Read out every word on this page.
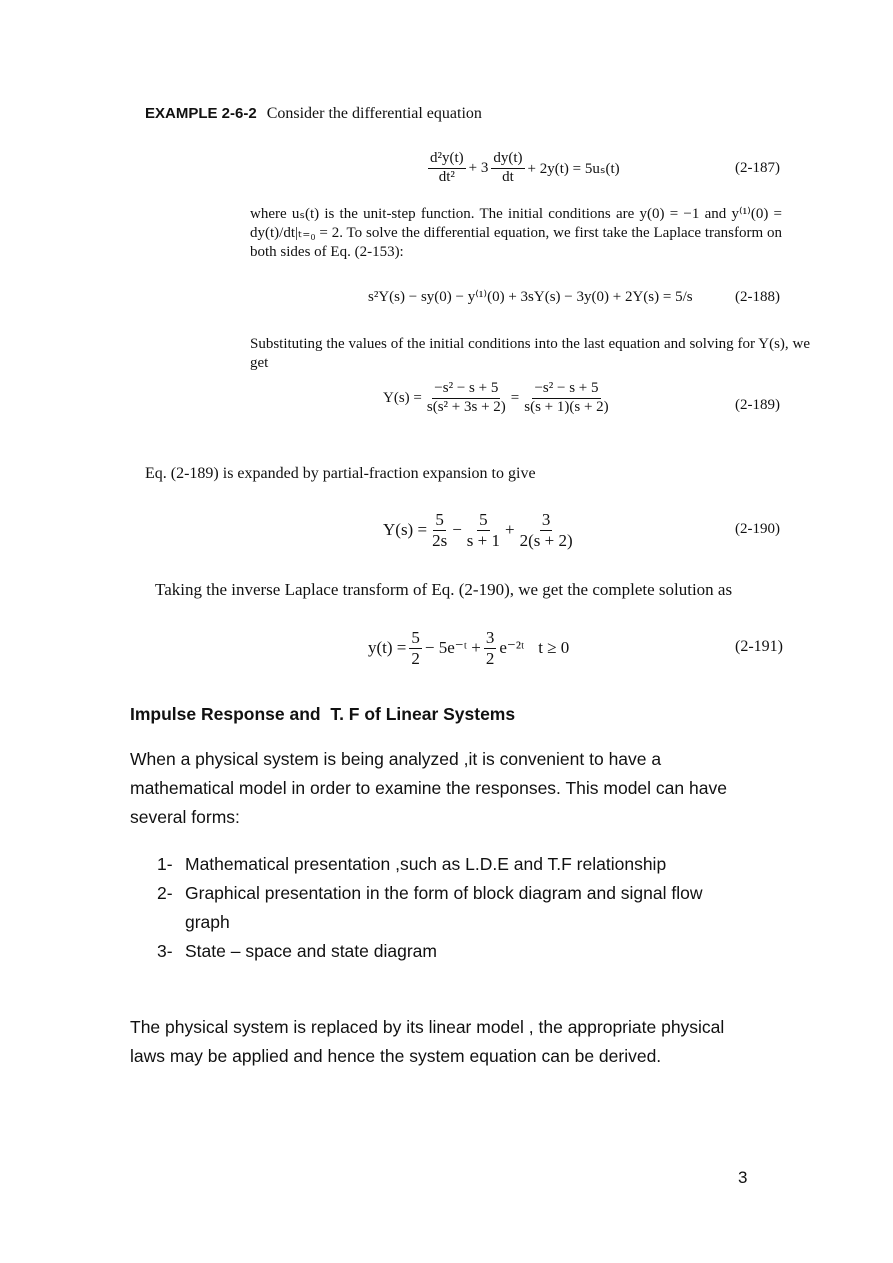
EXAMPLE 2-6-2 Consider the differential equation
$\frac{\text{d²y(t)}}{\text{dt²}} + 3 \frac{dy(t)}{dt} + 2y(t) = 5u_s(t)$	(2-187)
where uₛ(t) is the unit-step function. The initial conditions are y(0) = −1 and y⁽¹⁾(0) = dy(t)/dt|ₜ₌₀ = 2. To solve the differential equation, we first take the Laplace transform on both sides of Eq. (2-153):
s²Y(s) − sy(0) − y⁽¹⁾(0) + 3sY(s) − 3y(0) + 2Y(s) = 5/s	(2-188)
Substituting the values of the initial conditions into the last equation and solving for Y(s), we get
$Y(s) = \frac{\text{−s² − s + 5}}{\text{s(s² + 3s + 2)}} = \frac{\text{−s² − s + 5}}{s(s + 1)(s + 2)}$	(2-189)
Eq. (2-189) is expanded by partial-fraction expansion to give
$Y(s) = \frac{5}{2s} - \frac{5}{s + 1} + \frac{3}{2(s + 2)}$	(2-190)
Taking the inverse Laplace transform of Eq. (2-190), we get the complete solution as
$y(t) = \frac{5}{2}$ − 5e⁻ᵗ + $\frac{3}{2}$ e⁻²ᵗ t ≥ 0	(2-191)
Impulse Response and  T. F of Linear Systems
When a physical system is being analyzed ,it is convenient to have a mathematical model in order to examine the responses. This model can have several forms:
1- Mathematical presentation ,such as L.D.E and T.F relationship
2- Graphical presentation in the form of block diagram and signal flow graph
3- State – space and state diagram
The physical system is replaced by its linear model , the appropriate physical laws may be applied and hence the system equation can be derived.
3
